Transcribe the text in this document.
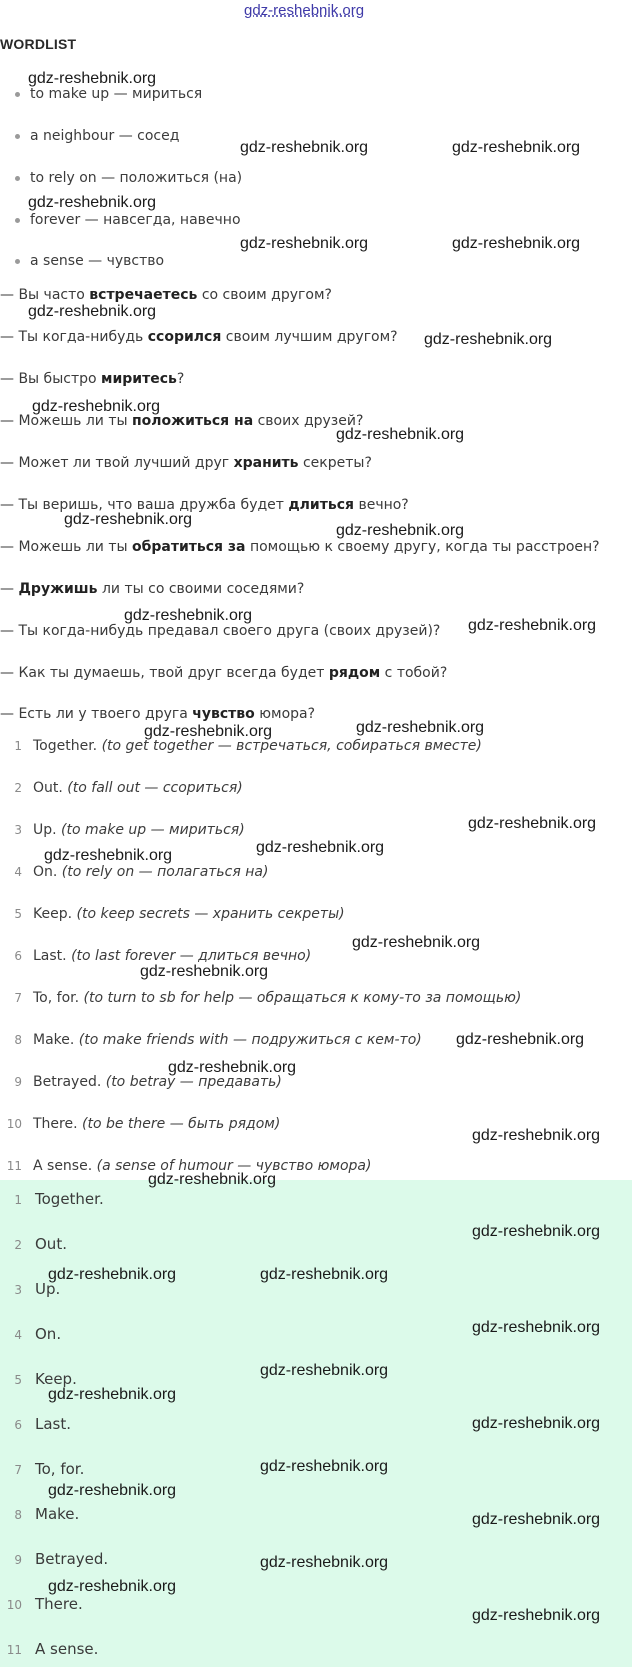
gdz-reshebnik.org
WORDLIST
to make up — мириться
a neighbour — сосед
to rely on — положиться (на)
forever — навсегда, навечно
a sense — чувство
— Вы часто встречаетесь со своим другом?
— Ты когда-нибудь ссорился своим лучшим другом?
— Вы быстро миритесь?
— Можешь ли ты положиться на своих друзей?
— Может ли твой лучший друг хранить секреты?
— Ты веришь, что ваша дружба будет длиться вечно?
— Можешь ли ты обратиться за помощью к своему другу, когда ты расстроен?
— Дружишь ли ты со своими соседями?
— Ты когда-нибудь предавал своего друга (своих друзей)?
— Как ты думаешь, твой друг всегда будет рядом с тобой?
— Есть ли у твоего друга чувство юмора?
1 Together. (to get together — встречаться, собираться вместе)
2 Out. (to fall out — ссориться)
3 Up. (to make up — мириться)
4 On. (to rely on — полагаться на)
5 Keep. (to keep secrets — хранить секреты)
6 Last. (to last forever — длиться вечно)
7 To, for. (to turn to sb for help — обращаться к кому-то за помощью)
8 Make. (to make friends with — подружиться с кем-то)
9 Betrayed. (to betray — предавать)
10 There. (to be there — быть рядом)
11 A sense. (a sense of humour — чувство юмора)
1 Together.
2 Out.
3 Up.
4 On.
5 Keep.
6 Last.
7 To, for.
8 Make.
9 Betrayed.
10 There.
11 A sense.
gdz-reshebnik.org
gdz-reshebnik.org	gdz-reshebnik.org
gdz-reshebnik.org
gdz-reshebnik.org	gdz-reshebnik.org
gdz-reshebnik.org
gdz-reshebnik.org
gdz-reshebnik.org
gdz-reshebnik.org
gdz-reshebnik.org
gdz-reshebnik.org
gdz-reshebnik.org
gdz-reshebnik.org
gdz-reshebnik.org
gdz-reshebnik.org
gdz-reshebnik.org
gdz-reshebnik.org
gdz-reshebnik.org
gdz-reshebnik.org
gdz-reshebnik.org
gdz-reshebnik.org
gdz-reshebnik.org
gdz-reshebnik.org
gdz-reshebnik.org
gdz-reshebnik.org
gdz-reshebnik.org	gdz-reshebnik.org
gdz-reshebnik.org
gdz-reshebnik.org
gdz-reshebnik.org
gdz-reshebnik.org
gdz-reshebnik.org
gdz-reshebnik.org
gdz-reshebnik.org
gdz-reshebnik.org
gdz-reshebnik.org
gdz-reshebnik.org
